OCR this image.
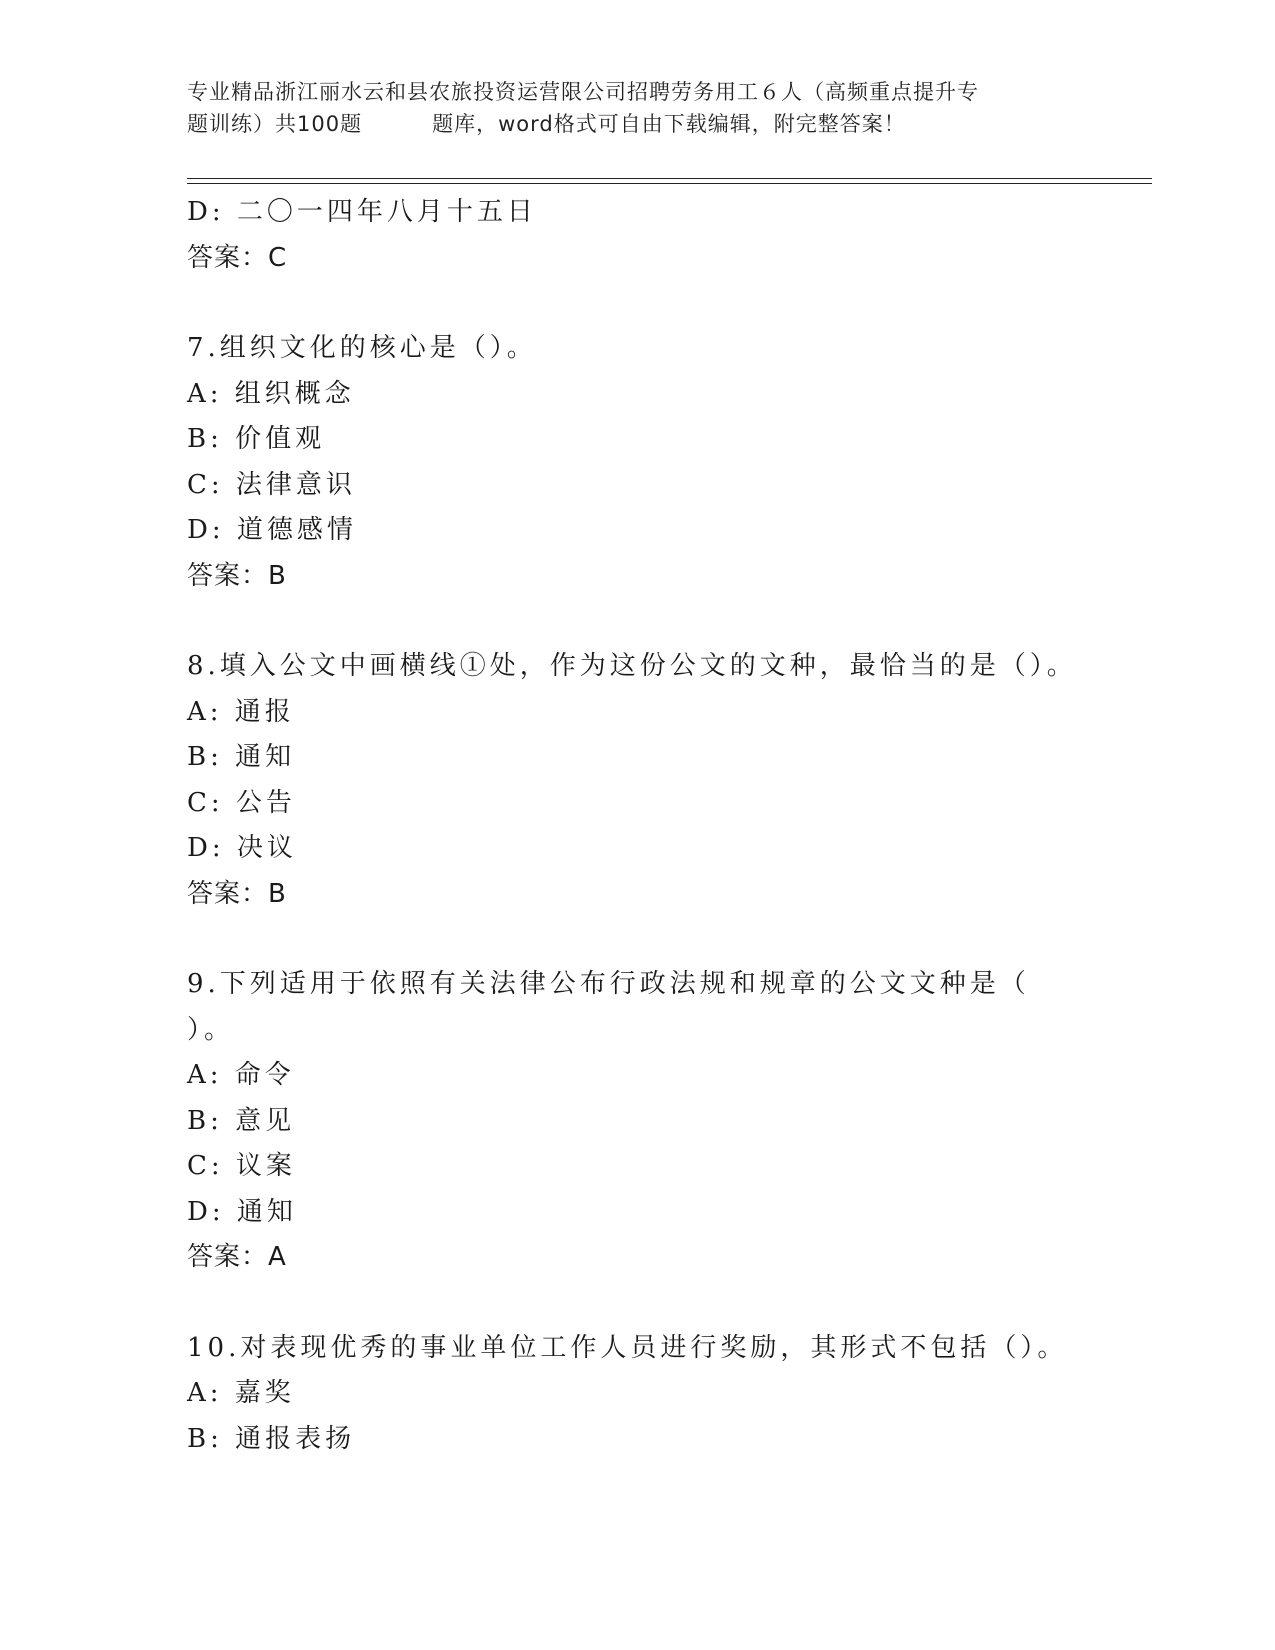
专业精品浙江丽水云和县农旅投资运营限公司招聘劳务用工６人（高频重点提升专
题训练）共100题	题库，word格式可自由下载编辑，附完整答案！
D: 二〇一四年八月十五日
答案：C
7.组织文化的核心是（）。
A: 组织概念
B: 价值观
C: 法律意识
D: 道德感情
答案：B
8.填入公文中画横线①处，作为这份公文的文种，最恰当的是（）。
A: 通报
B: 通知
C: 公告
D: 决议
答案：B
9.下列适用于依照有关法律公布行政法规和规章的公文文种是（
）。
A: 命令
B: 意见
C: 议案
D: 通知
答案：A
10.对表现优秀的事业单位工作人员进行奖励，其形式不包括（）。
A: 嘉奖
B: 通报表扬
